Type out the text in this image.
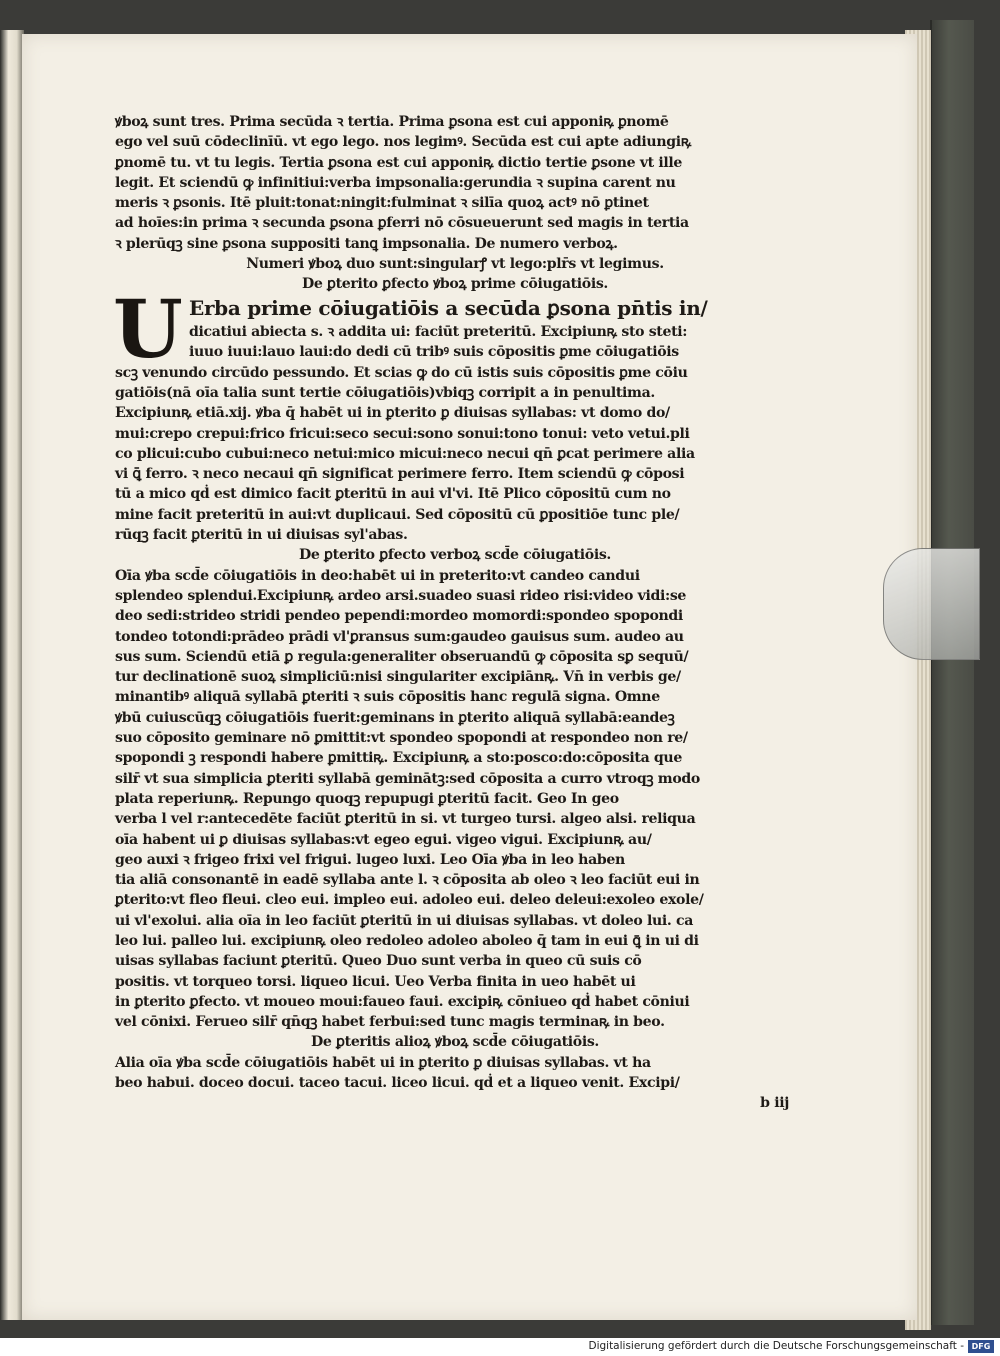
ꝟboꝝ sunt tres. Prima secūda ꝛ tertia. Prima ꝑsona est cui apponiꝶ ꝑnomē
ego vel suū cōdeclinīū. vt ego lego. nos legimꝰ. Secūda est cui apte adiungiꝶ
ꝑnomē tu. vt tu legis. Tertia ꝑsona est cui apponiꝶ dictio tertie ꝑsone vt ille
legit. Et sciendū ꝙ infinitiui:verba impsonalia:gerundia ꝛ supina carent nu
meris ꝛ ꝑsonis. Itē pluit:tonat:ningit:fulminat ꝛ silīa quoꝝ actꝰ nō ꝑtinet
ad hoīes:in prima ꝛ secunda ꝑsona ꝑferri nō cōsueuerunt sed magis in tertia
ꝛ plerūqꝫ sine ꝑsona suppositi tanꝗ impsonalia. De numero verboꝝ.
Numeri ꝟboꝝ duo sunt:singularꝭ vt lego:plr̄s vt legimus.
De ꝑterito ꝑfecto ꝟboꝝ prime cōiugatiōis.
U Erba prime cōiugatiōis a secūda ꝑsona pn̄tis in/
dicatiui abiecta s. ꝛ addita ui: faciūt preteritū. Excipiunꝶ sto steti:
iuuo iuui:lauo laui:do dedi cū tribꝰ suis cōpositis ꝑme cōiugatiōis
scꝫ venundo circūdo pessundo. Et scias ꝙ do cū istis suis cōpositis ꝑme cōiu
gatiōis(nā oīa talia sunt tertie cōiugatiōis)vbiqꝫ corripit a in penultima.
Excipiunꝶ etiā.xij. ꝟba q̄ habēt ui in ꝑterito ꝑ diuisas syllabas: vt domo do/
mui:crepo crepui:frico fricui:seco secui:sono sonui:tono tonui: veto vetui.pli
co plicui:cubo cubui:neco netui:mico micui:neco necui qn̄ ꝑcat perimere alia
vi ꝗ̄ ferro. ꝛ neco necaui qn̄ significat perimere ferro. Item sciendū ꝙ cōposi
tū a mico qḋ est dimico facit ꝑteritū in aui vl'vi. Itē Plico cōpositū cum no
mine facit preteritū in aui:vt duplicaui. Sed cōpositū cū ꝑpositiōe tunc ple/
rūqꝫ facit ꝑteritū in ui diuisas syl'abas.
De ꝑterito ꝑfecto verboꝝ scd̄e cōiugatiōis.
Oīa ꝟba scd̄e cōiugatiōis in deo:habēt ui in preterito:vt candeo candui
splendeo splendui.Excipiunꝶ ardeo arsi.suadeo suasi rideo risi:video vidi:se
deo sedi:strideo stridi pendeo pependi:mordeo momordi:spondeo spopondi
tondeo totondi:prādeo prādi vl'ꝑransus sum:gaudeo gauisus sum. audeo au
sus sum. Sciendū etiā ꝑ regula:generaliter obseruandū ꝙ cōposita sꝑ sequū/
tur declinationē suoꝝ simpliciū:nisi singulariter excipiānꝶ. Vn̄ in verbis ge/
minantibꝰ aliquā syllabā ꝑteriti ꝛ suis cōpositis hanc regulā signa. Omne
ꝟbū cuiuscūqꝫ cōiugatiōis fuerit:geminans in ꝑterito aliquā syllabā:eandeꝫ
suo cōposito geminare nō ꝑmittit:vt spondeo spopondi at respondeo non re/
spopondi ꝫ respondi habere ꝑmittiꝶ. Excipiunꝶ a sto:posco:do:cōposita que
silr̄ vt sua simplicia ꝑteriti syllabā geminātꝫ:sed cōposita a curro vtroqꝫ modo
plata reperiunꝶ. Repungo quoqꝫ repupugi ꝑteritū facit. Geo In geo
verba l vel r:antecedēte faciūt ꝑteritū in si. vt turgeo tursi. algeo alsi. reliqua
oīa habent ui ꝑ diuisas syllabas:vt egeo egui. vigeo vigui. Excipiunꝶ au/
geo auxi ꝛ frigeo frixi vel frigui. lugeo luxi. Leo Oīa ꝟba in leo haben
tia aliā consonantē in eadē syllaba ante l. ꝛ cōposita ab oleo ꝛ leo faciūt eui in
ꝑterito:vt fleo fleui. cleo eui. impleo eui. adoleo eui. deleo deleui:exoleo exole/
ui vl'exolui. alia oīa in leo faciūt ꝑteritū in ui diuisas syllabas. vt doleo lui. ca
leo lui. palleo lui. excipiunꝶ oleo redoleo adoleo aboleo q̄ tam in eui ꝗ̄ in ui di
uisas syllabas faciunt ꝑteritū. Queo Duo sunt verba in queo cū suis cō
positis. vt torqueo torsi. liqueo licui. Ueo Verba finita in ueo habēt ui
in ꝑterito ꝑfecto. vt moueo moui:faueo faui. excipiꝶ cōniueo qḋ habet cōniui
vel cōnixi. Ferueo silr̄ qn̄qꝫ habet ferbui:sed tunc magis terminaꝶ in beo.
De ꝑteritis alioꝝ ꝟboꝝ scd̄e cōiugatiōis.
Alia oīa ꝟba scd̄e cōiugatiōis habēt ui in ꝑterito ꝑ diuisas syllabas. vt ha
beo habui. doceo docui. taceo tacui. liceo licui. qḋ et a liqueo venit. Excipi/
b iij
Digitalisierung gefördert durch die Deutsche Forschungsgemeinschaft - DFG
